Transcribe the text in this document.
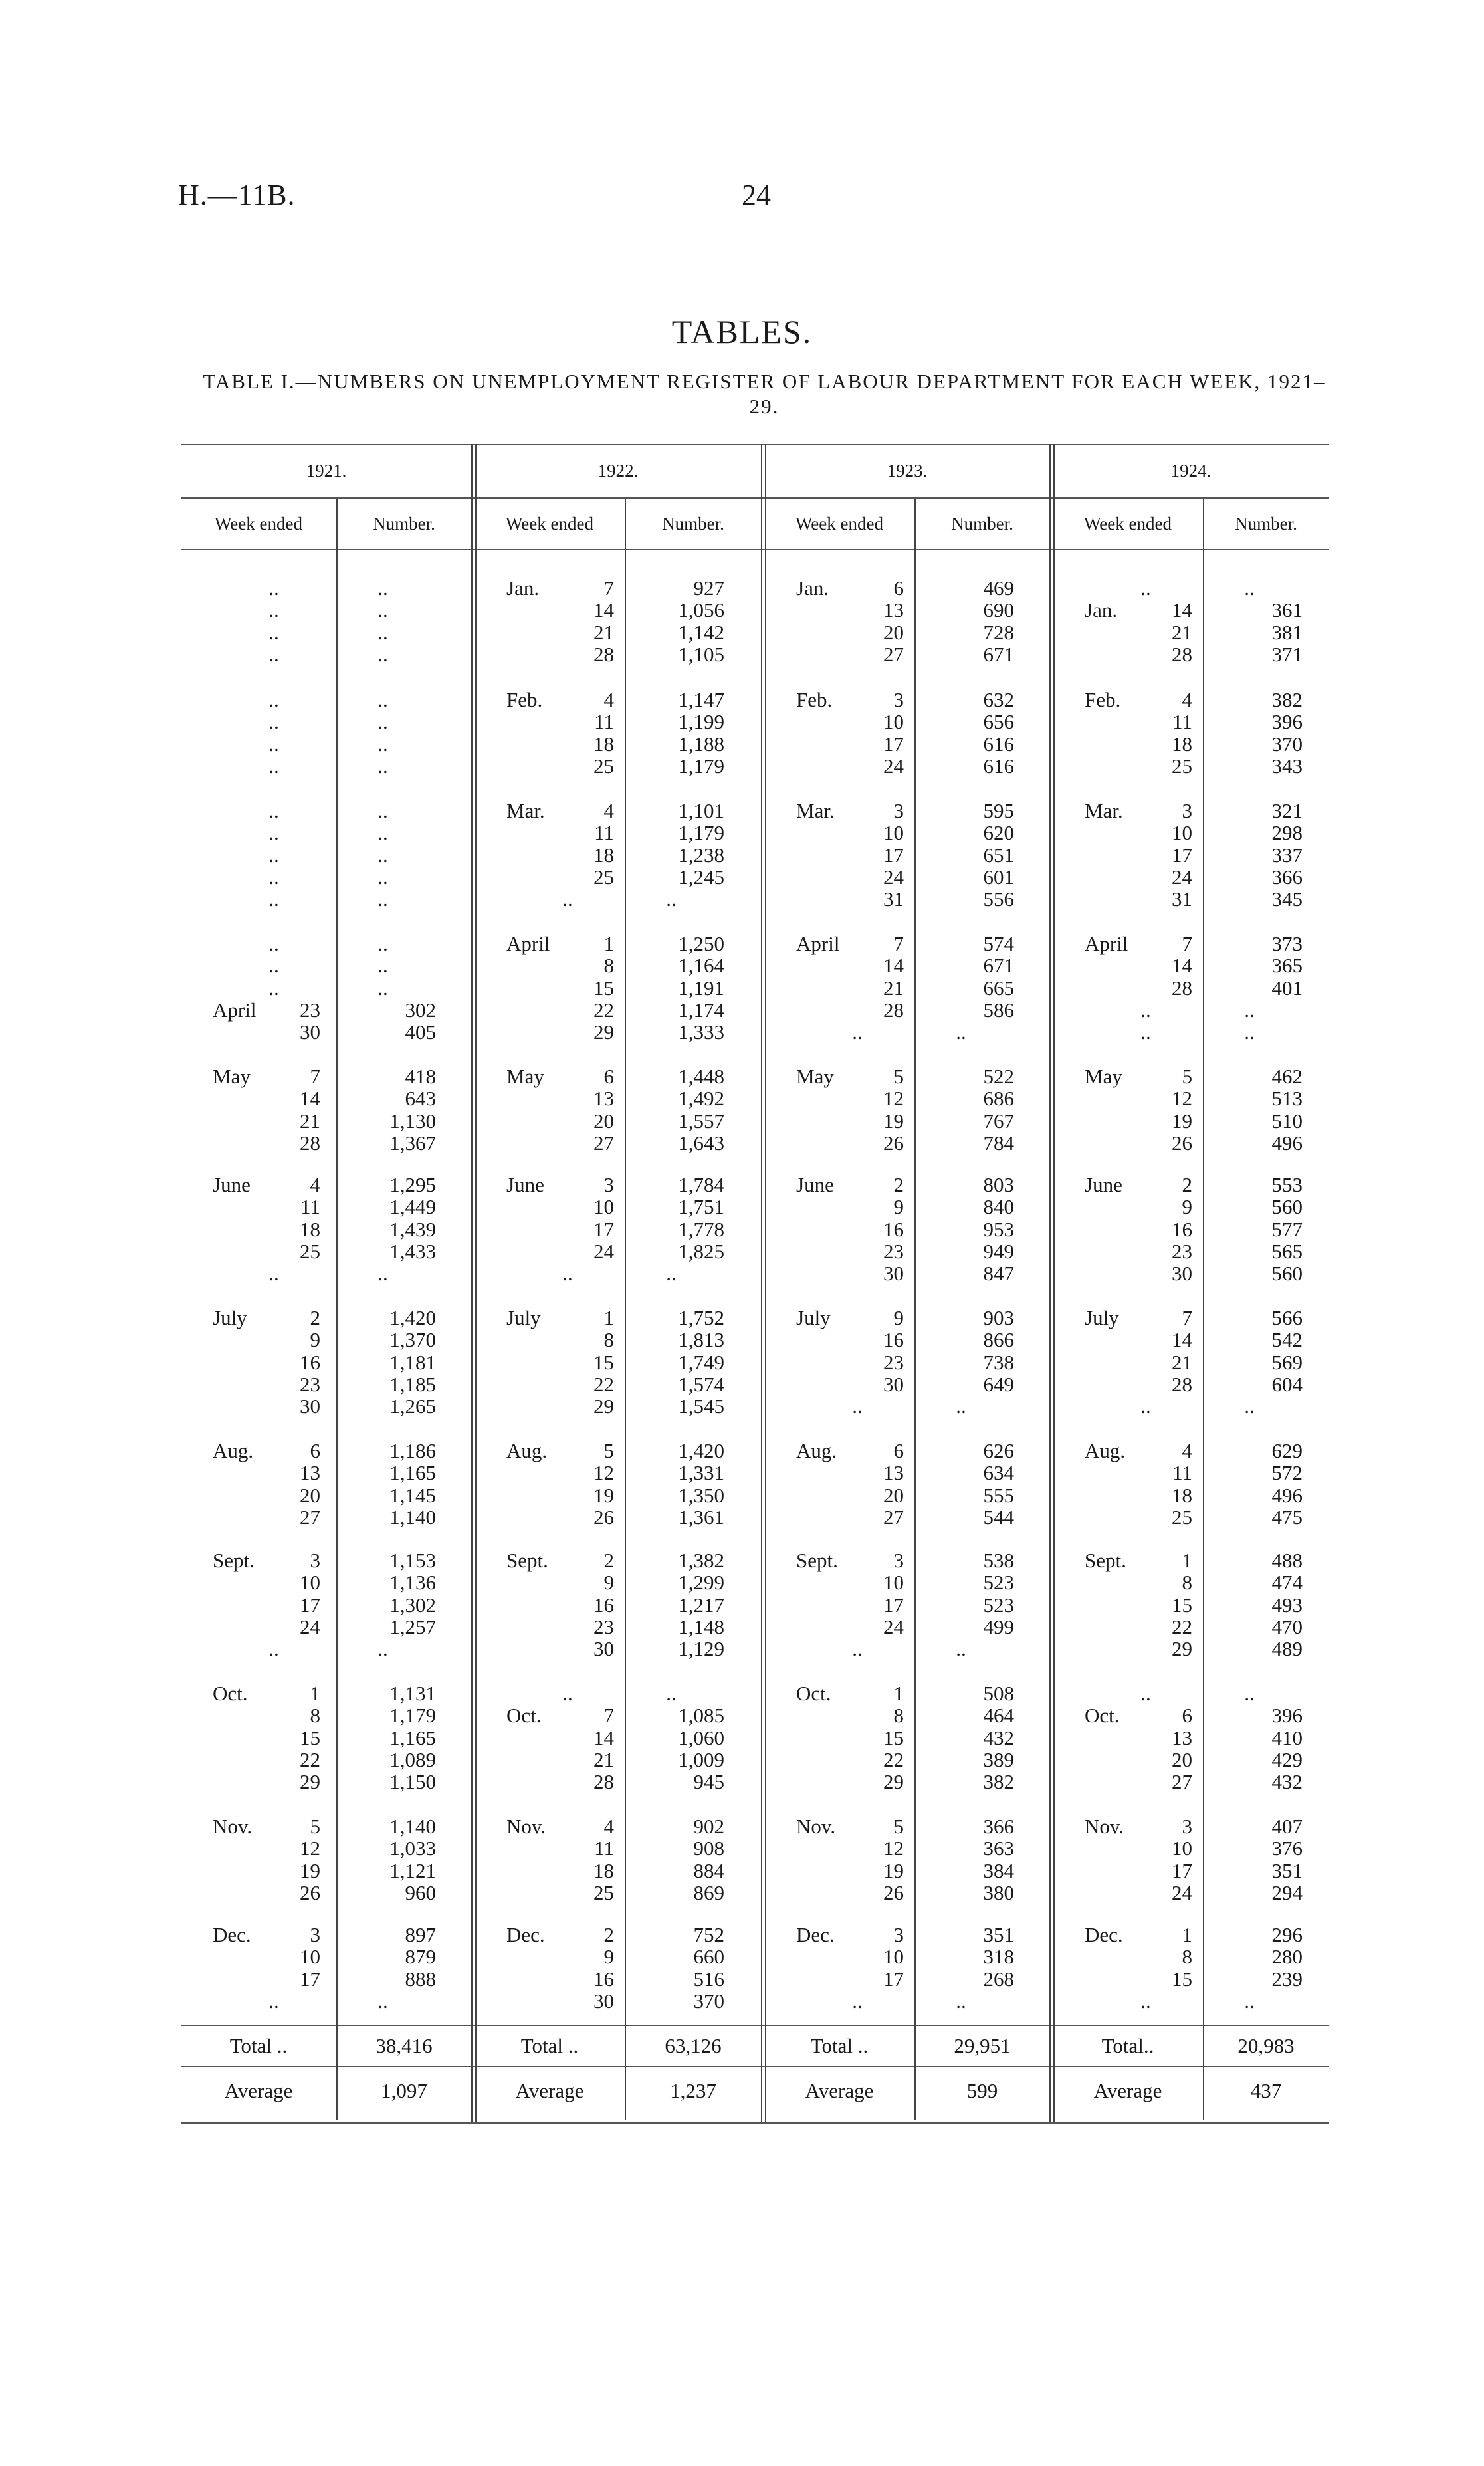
H.—11B.	24
TABLES.
TABLE I.—NUMBERS ON UNEMPLOYMENT REGISTER OF LABOUR DEPARTMENT FOR EACH WEEK, 1921–29.
1921.
Week ended	Number.
..	..
..	..
..	..
..	..
..	..
..	..
..	..
..	..
..	..
..	..
..	..
..	..
..	..
..	..
..	..
..	..
April	23	302
30	405
May	7	418
14	643
21	1,130
28	1,367
June	4	1,295
11	1,449
18	1,439
25	1,433
..	..
July	2	1,420
9	1,370
16	1,181
23	1,185
30	1,265
Aug.	6	1,186
13	1,165
20	1,145
27	1,140
Sept.	3	1,153
10	1,136
17	1,302
24	1,257
..	..
Oct.	1	1,131
8	1,179
15	1,165
22	1,089
29	1,150
Nov.	5	1,140
12	1,033
19	1,121
26	960
Dec.	3	897
10	879
17	888
..	..
Total ..	38,416
Average	1,097
1922.
Week ended	Number.
Jan.	7	927
14	1,056
21	1,142
28	1,105
Feb.	4	1,147
11	1,199
18	1,188
25	1,179
Mar.	4	1,101
11	1,179
18	1,238
25	1,245
..	..
April	1	1,250
8	1,164
15	1,191
22	1,174
29	1,333
May	6	1,448
13	1,492
20	1,557
27	1,643
June	3	1,784
10	1,751
17	1,778
24	1,825
..	..
July	1	1,752
8	1,813
15	1,749
22	1,574
29	1,545
Aug.	5	1,420
12	1,331
19	1,350
26	1,361
Sept.	2	1,382
9	1,299
16	1,217
23	1,148
30	1,129
..	..
Oct.	7	1,085
14	1,060
21	1,009
28	945
Nov.	4	902
11	908
18	884
25	869
Dec.	2	752
9	660
16	516
30	370
Total ..	63,126
Average	1,237
1923.
Week ended	Number.
Jan.	6	469
13	690
20	728
27	671
Feb.	3	632
10	656
17	616
24	616
Mar.	3	595
10	620
17	651
24	601
31	556
April	7	574
14	671
21	665
28	586
..	..
May	5	522
12	686
19	767
26	784
June	2	803
9	840
16	953
23	949
30	847
July	9	903
16	866
23	738
30	649
..	..
Aug.	6	626
13	634
20	555
27	544
Sept.	3	538
10	523
17	523
24	499
..	..
Oct.	1	508
8	464
15	432
22	389
29	382
Nov.	5	366
12	363
19	384
26	380
Dec.	3	351
10	318
17	268
..	..
Total ..	29,951
Average	599
1924.
Week ended	Number.
..	..
Jan.	14	361
21	381
28	371
Feb.	4	382
11	396
18	370
25	343
Mar.	3	321
10	298
17	337
24	366
31	345
April	7	373
14	365
28	401
..	..
..	..
May	5	462
12	513
19	510
26	496
June	2	553
9	560
16	577
23	565
30	560
July	7	566
14	542
21	569
28	604
..	..
Aug.	4	629
11	572
18	496
25	475
Sept.	1	488
8	474
15	493
22	470
29	489
..	..
Oct.	6	396
13	410
20	429
27	432
Nov.	3	407
10	376
17	351
24	294
Dec.	1	296
8	280
15	239
..	..
Total..	20,983
Average	437
